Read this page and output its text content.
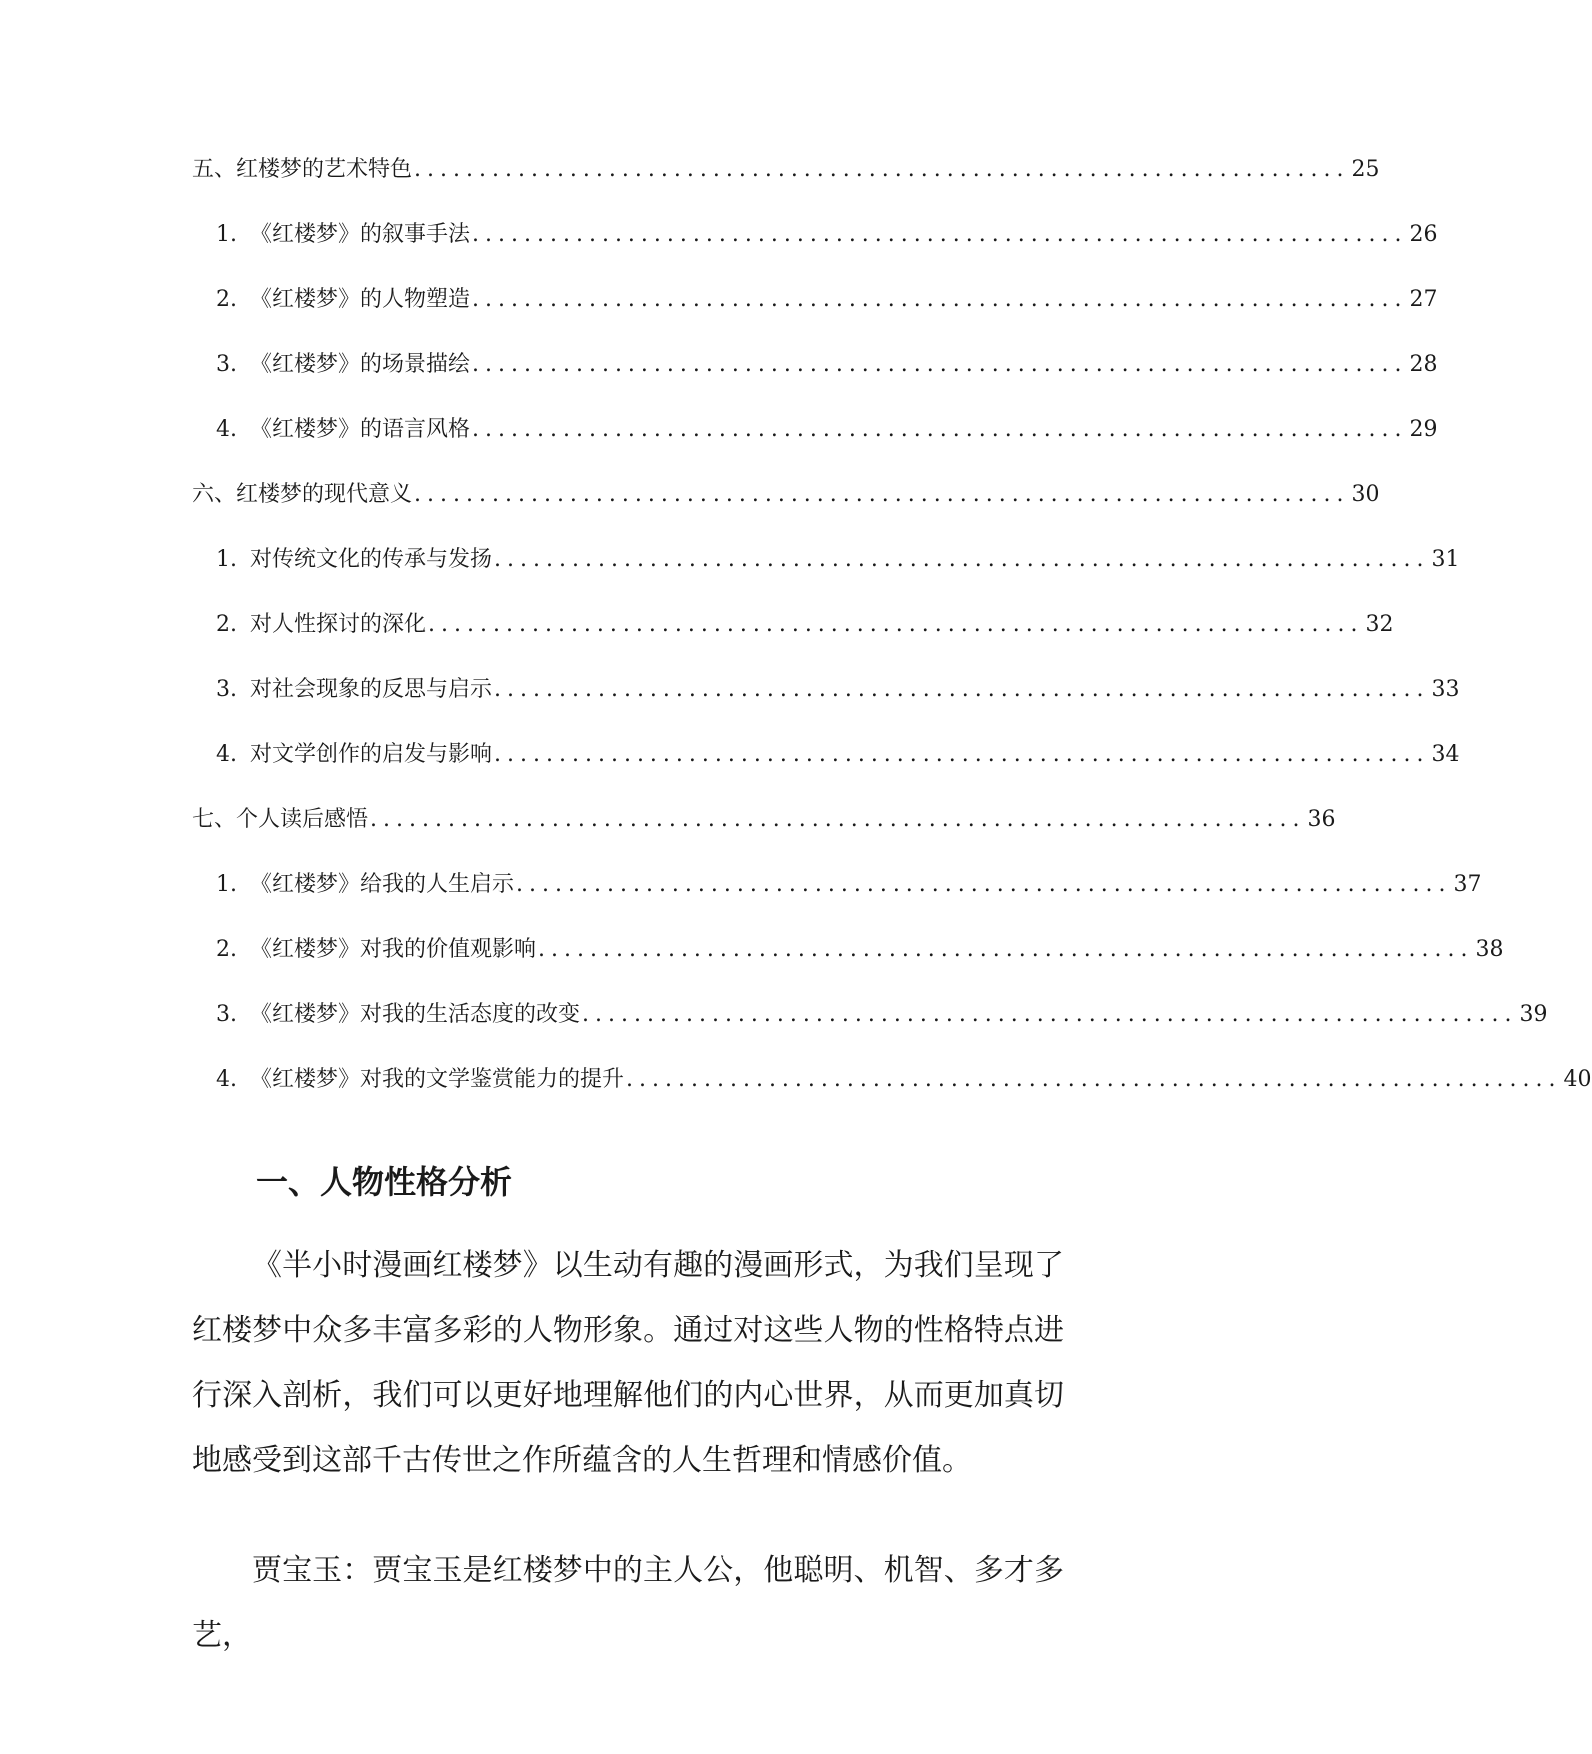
五、红楼梦的艺术特色 ........................................................................ 25
1. 《红楼梦》的叙事手法 ........................................................................ 26
2. 《红楼梦》的人物塑造 ........................................................................ 27
3. 《红楼梦》的场景描绘 ........................................................................ 28
4. 《红楼梦》的语言风格 ........................................................................ 29
六、红楼梦的现代意义 ........................................................................ 30
1. 对传统文化的传承与发扬 ........................................................................ 31
2. 对人性探讨的深化 ........................................................................ 32
3. 对社会现象的反思与启示 ........................................................................ 33
4. 对文学创作的启发与影响 ........................................................................ 34
七、个人读后感悟 ........................................................................ 36
1. 《红楼梦》给我的人生启示 ........................................................................ 37
2. 《红楼梦》对我的价值观影响 ........................................................................ 38
3. 《红楼梦》对我的生活态度的改变 ........................................................................ 39
4. 《红楼梦》对我的文学鉴赏能力的提升 ........................................................................ 40
一、人物性格分析

《半小时漫画红楼梦》以生动有趣的漫画形式，为我们呈现了红楼梦中众多丰富多彩的人物形象。通过对这些人物的性格特点进行深入剖析，我们可以更好地理解他们的内心世界，从而更加真切地感受到这部千古传世之作所蕴含的人生哲理和情感价值。

贾宝玉：贾宝玉是红楼梦中的主人公，他聪明、机智、多才多艺，
